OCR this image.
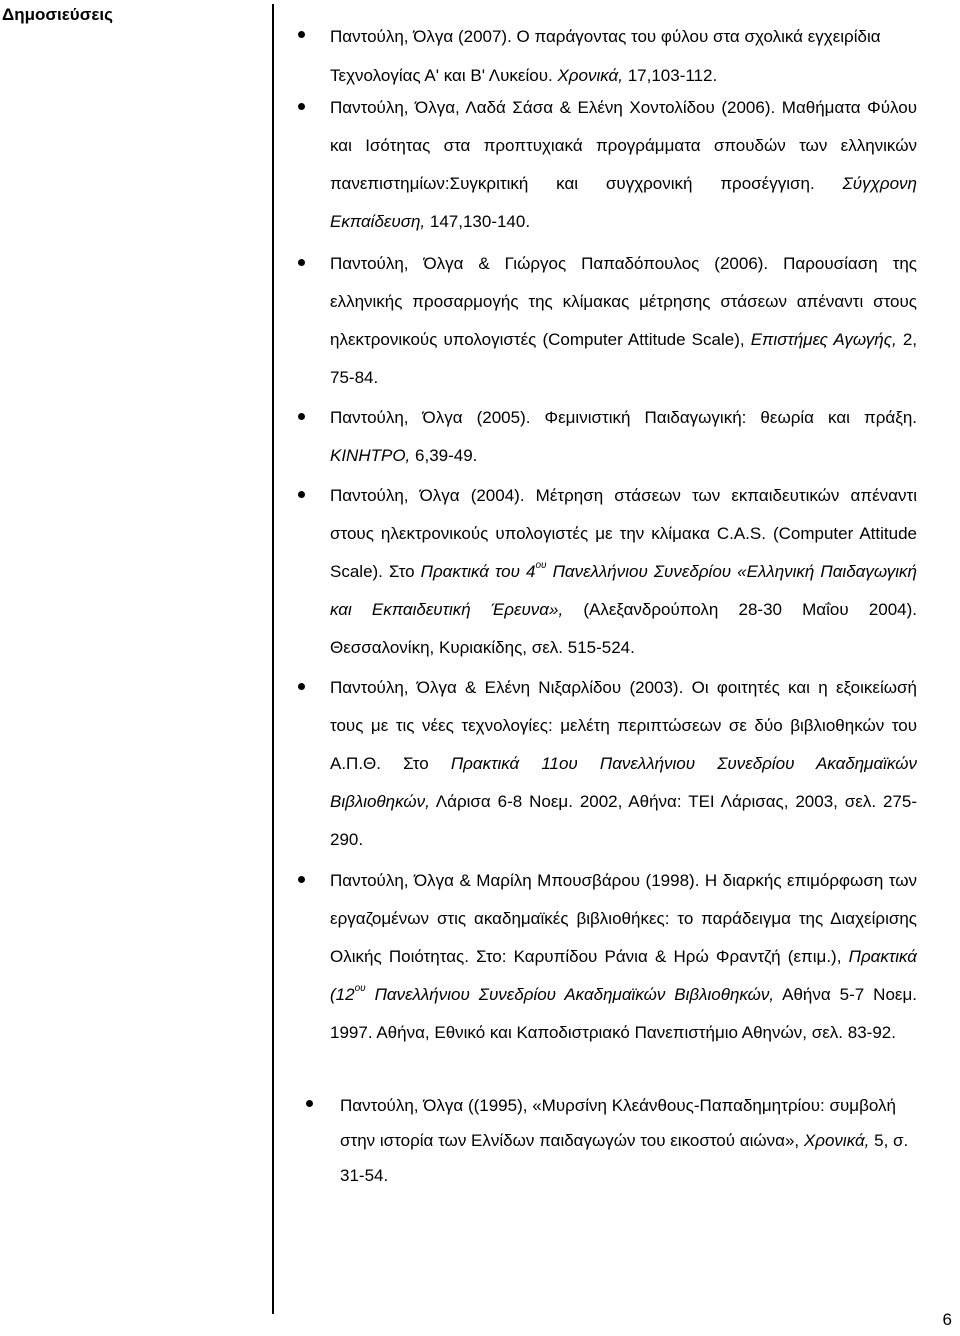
Δημοσιεύσεις

Παντούλη, Όλγα (2007). Ο παράγοντας του φύλου στα σχολικά εγχειρίδια Τεχνολογίας Α' και Β' Λυκείου. Χρονικά, 17,103-112.

Παντούλη, Όλγα, Λαδά Σάσα & Ελένη Χοντολίδου (2006). Μαθήματα Φύλου και Ισότητας στα προπτυχιακά προγράμματα σπουδών των ελληνικών πανεπιστημίων:Συγκριτική και συγχρονική προσέγγιση. Σύγχρονη Εκπαίδευση, 147,130-140.

Παντούλη, Όλγα & Γιώργος Παπαδόπουλος (2006). Παρουσίαση της ελληνικής προσαρμογής της κλίμακας μέτρησης στάσεων απέναντι στους ηλεκτρονικούς υπολογιστές (Computer Attitude Scale), Επιστήμες Αγωγής, 2, 75-84.

Παντούλη, Όλγα (2005). Φεμινιστική Παιδαγωγική: θεωρία και πράξη. ΚΙΝΗΤΡΟ, 6,39-49.

Παντούλη, Όλγα (2004). Μέτρηση στάσεων των εκπαιδευτικών απέναντι στους ηλεκτρονικούς υπολογιστές με την κλίμακα C.A.S. (Computer Attitude Scale). Στο Πρακτικά του $4^{o\upsilon}$ Πανελλήνιου Συνεδρίου «Ελληνική Παιδαγωγική και Εκπαιδευτική Έρευνα», (Αλεξανδρούπολη 28-30 Μαΐου 2004). Θεσσαλονίκη, Κυριακίδης, σελ. 515-524.

Παντούλη, Όλγα & Ελένη Νιξαρλίδου (2003). Οι φοιτητές και η εξοικείωσή τους με τις νέες τεχνολογίες: μελέτη περιπτώσεων σε δύο βιβλιοθηκών του Α.Π.Θ. Στο Πρακτικά 11ου Πανελλήνιου Συνεδρίου Ακαδημαϊκών Βιβλιοθηκών, Λάρισα 6-8 Νοεμ. 2002, Αθήνα: ΤΕΙ Λάρισας, 2003, σελ. 275-290.

Παντούλη, Όλγα & Μαρίλη Μπουσβάρου (1998). Η διαρκής επιμόρφωση των εργαζομένων στις ακαδημαϊκές βιβλιοθήκες: το παράδειγμα της Διαχείρισης Ολικής Ποιότητας. Στο: Καρυπίδου Ράνια & Ηρώ Φραντζή (επιμ.), Πρακτικά ($12^{o\upsilon}$ Πανελλήνιου Συνεδρίου Ακαδημαϊκών Βιβλιοθηκών, Αθήνα 5-7 Νοεμ. 1997. Αθήνα, Εθνικό και Καποδιστριακό Πανεπιστήμιο Αθηνών, σελ. 83-92.

Παντούλη, Όλγα ((1995), «Μυρσίνη Κλεάνθους-Παπαδημητρίου: συμβολή στην ιστορία των Ελνίδων παιδαγωγών του εικοστού αιώνα», Χρονικά, 5, σ. 31-54.

6
